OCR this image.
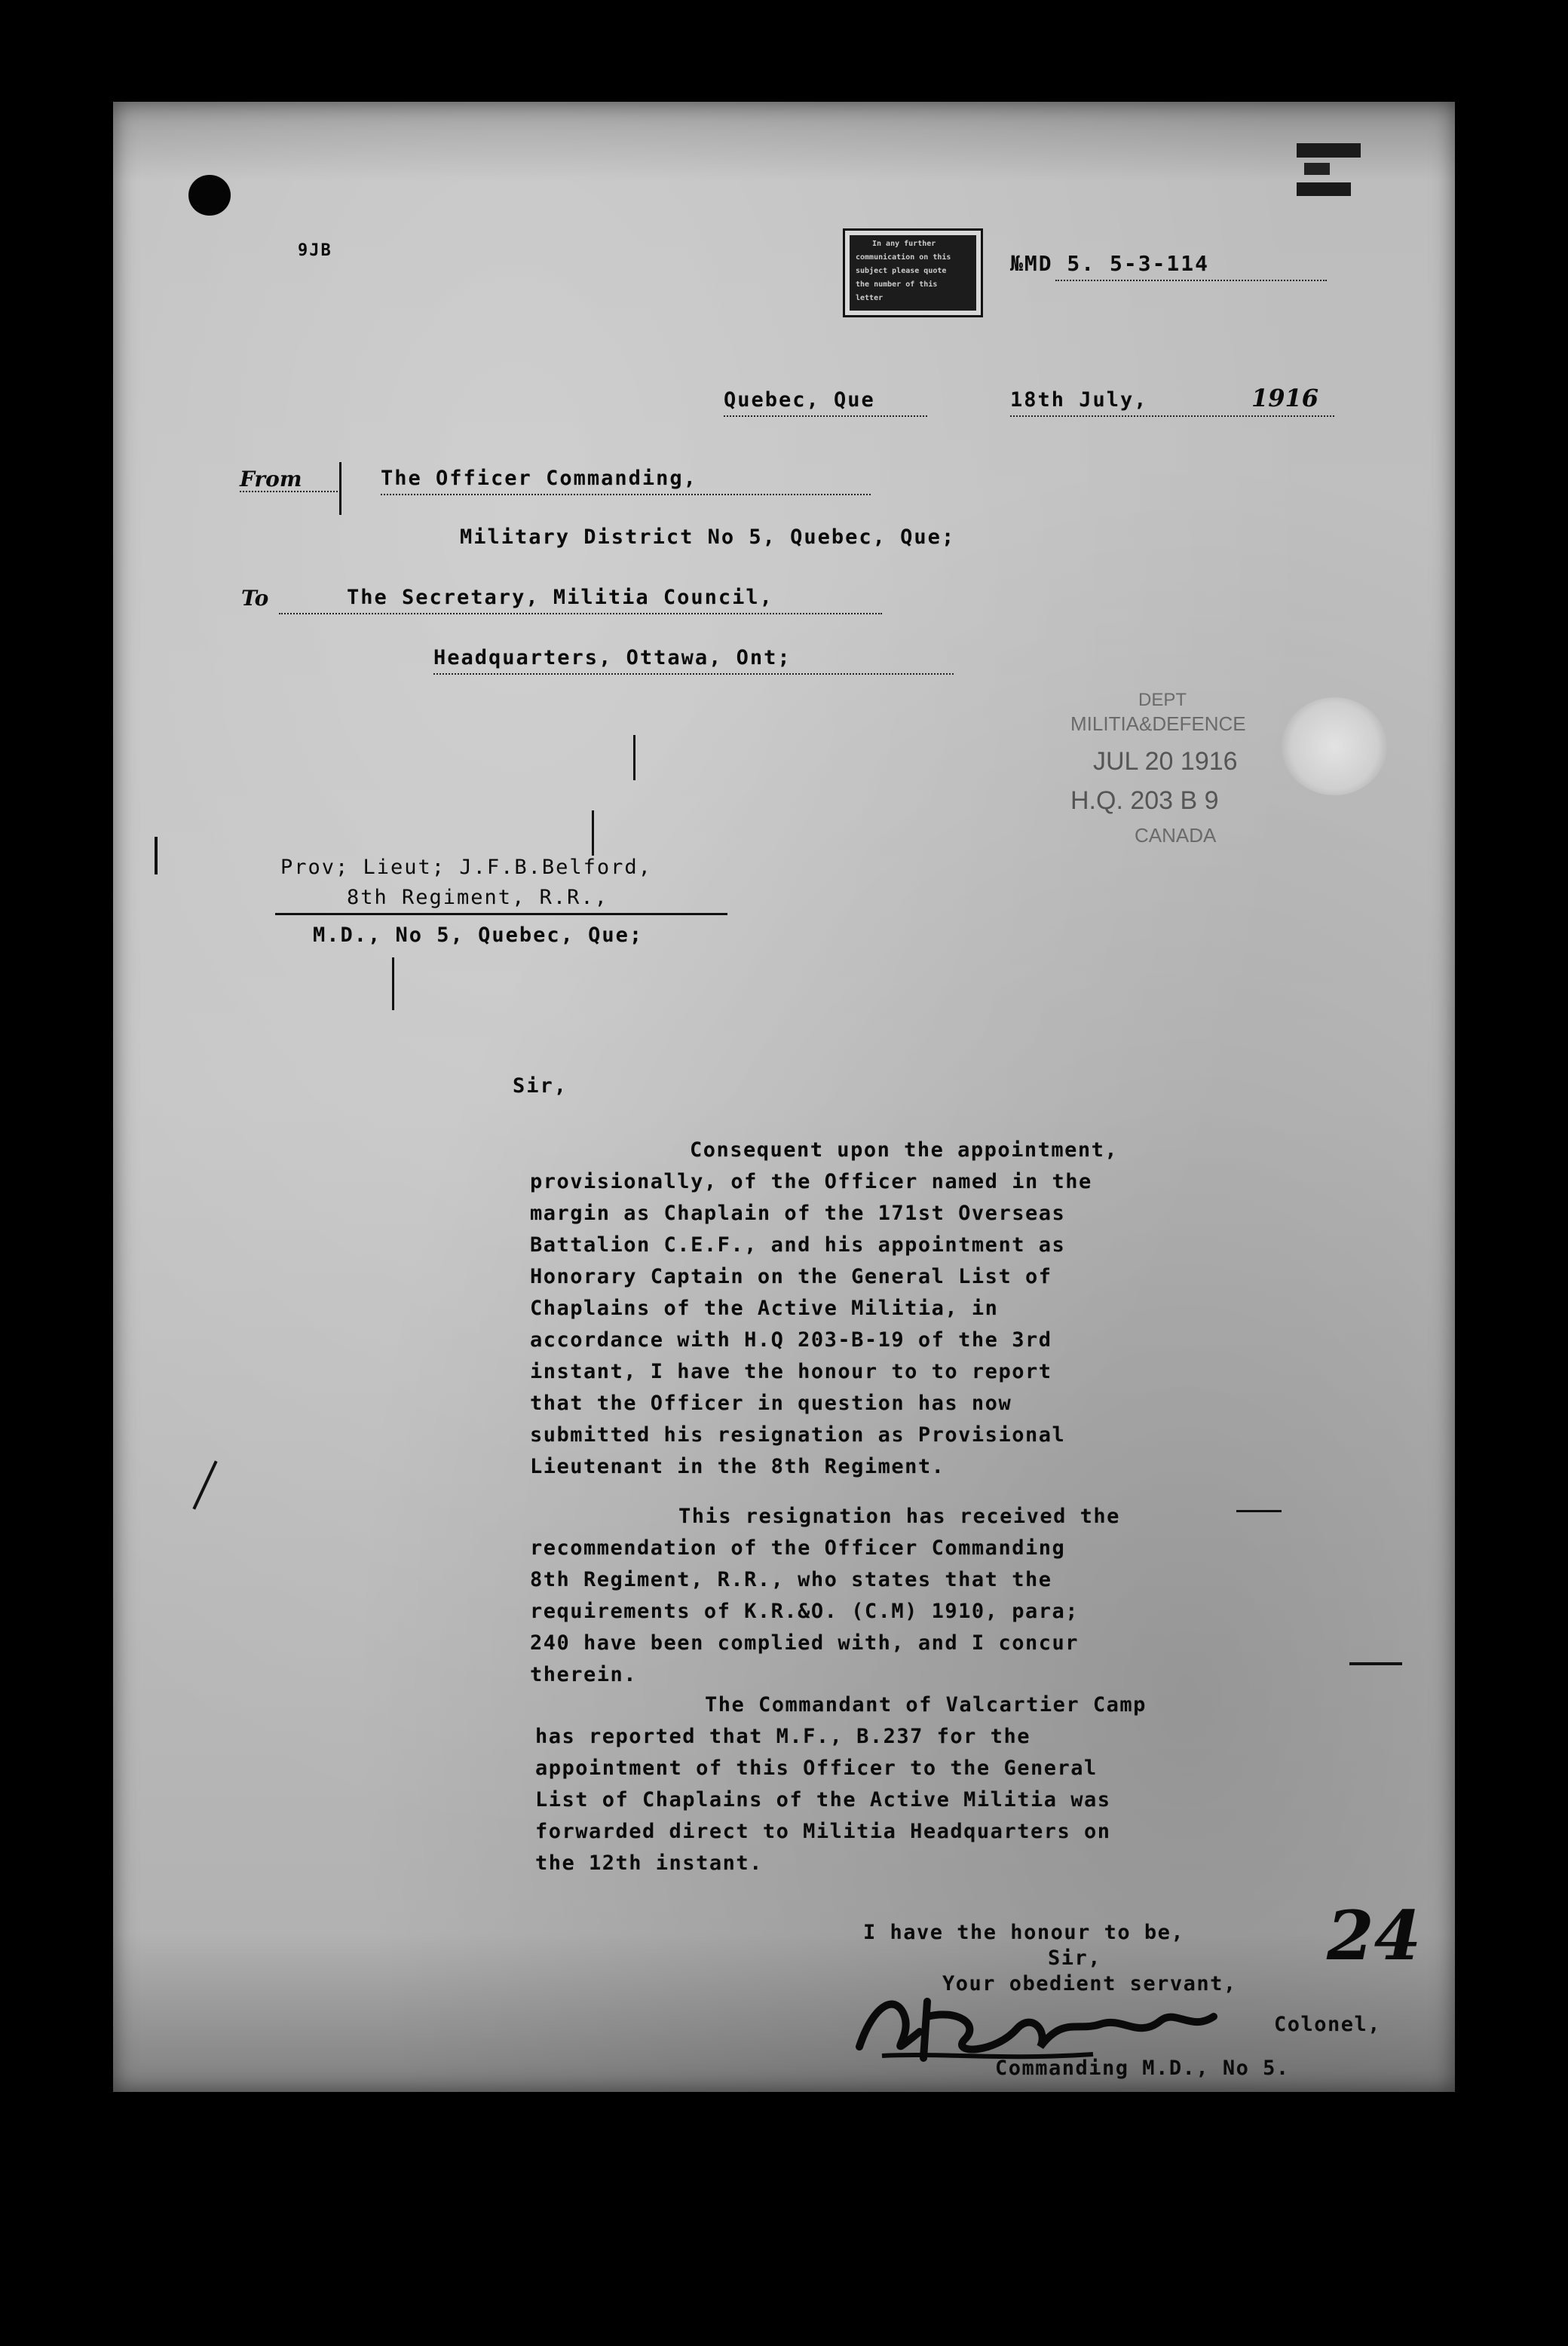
M.L.O.D.
Vol.
HQ Stamp
9JB	In any further
communication on this
subject please quote
the number of this
letter
№MD 5. 5-3-114
Quebec, Que	18th July,	1916
From	The Officer Commanding,
Military District No 5, Quebec, Que;
To	The Secretary, Militia Council,
Headquarters, Ottawa, Ont;
DEPT
MILITIA&DEFENCE
JUL 20 1916
H.Q. 203 B 9
CANADA
Prov; Lieut; J.F.B.Belford,
8th Regiment, R.R.,
M.D., No 5, Quebec, Que;
Sir,
Consequent upon the appointment,
provisionally, of the Officer named in the
margin as Chaplain of the 171st Overseas
Battalion C.E.F., and his appointment as
Honorary Captain on the General List of
Chaplains of the Active Militia, in
accordance with H.Q 203-B-19 of the 3rd
instant, I have the honour to to report
that the Officer in question has now
submitted his resignation as Provisional
Lieutenant in the 8th Regiment.
This resignation has received the
recommendation of the Officer Commanding
8th Regiment, R.R., who states that the
requirements of K.R.&O. (C.M) 1910, para;
240 have been complied with, and I concur
therein.
The Commandant of Valcartier Camp
has reported that M.F., B.237 for the
appointment of this Officer to the General
List of Chaplains of the Active Militia was
forwarded direct to Militia Headquarters on
the 12th instant.
I have the honour to be,
Sir,
Your obedient servant,
Colonel,
Commanding M.D., No 5.
24
